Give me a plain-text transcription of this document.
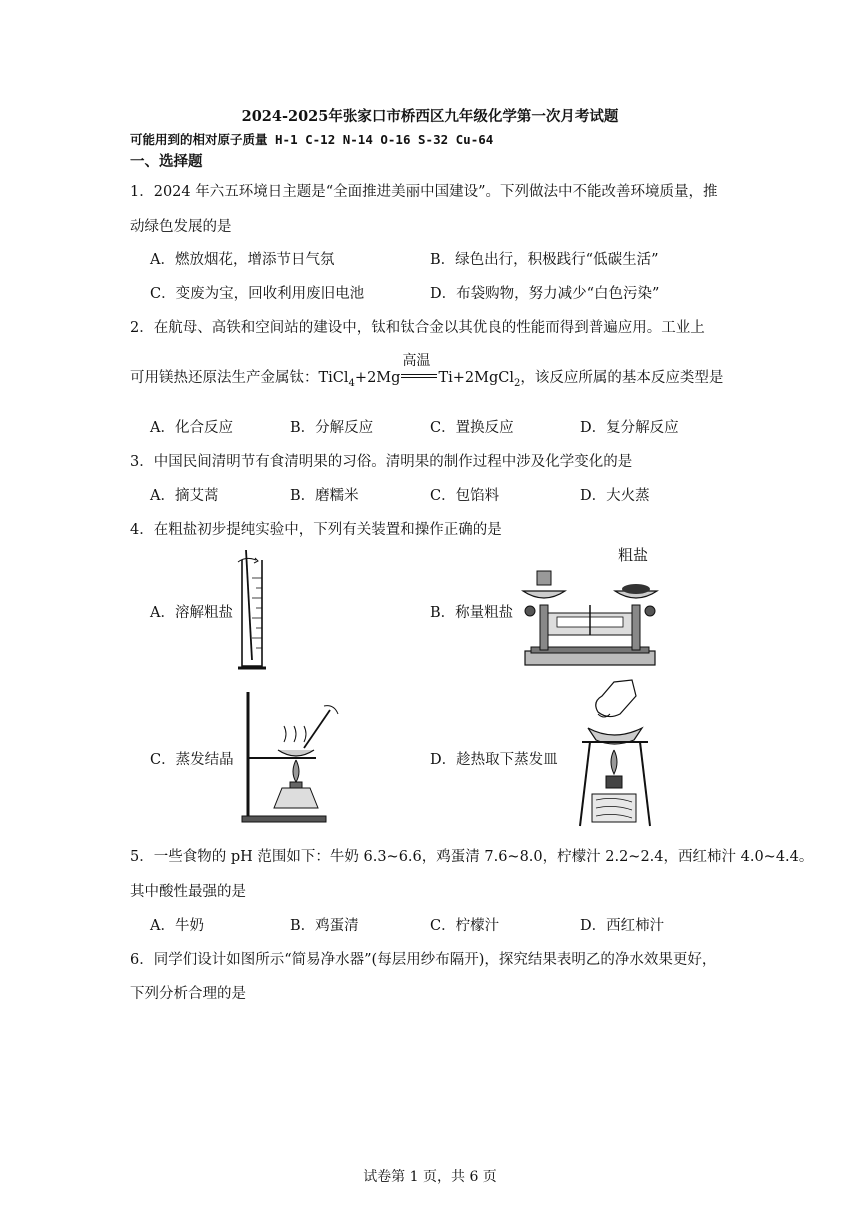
2024-2025年张家口市桥西区九年级化学第一次月考试题
可能用到的相对原子质量 H-1 C-12 N-14 O-16 S-32 Cu-64
一、选择题
1．2024 年六五环境日主题是“全面推进美丽中国建设”。下列做法中不能改善环境质量，推
动绿色发展的是
A．燃放烟花，增添节日气氛	B．绿色出行，积极践行“低碳生活”
C．变废为宝，回收利用废旧电池	D．布袋购物，努力减少“白色污染”
2．在航母、高铁和空间站的建设中，钛和钛合金以其优良的性能而得到普遍应用。工业上
可用镁热还原法生产金属钛：TiCl$_4$+2Mg
高温
Ti+2MgCl$_2$，该反应所属的基本反应类型是
A．化合反应	B．分解反应	C．置换反应	D．复分解反应
3．中国民间清明节有食清明果的习俗。清明果的制作过程中涉及化学变化的是
A．摘艾蒿	B．磨糯米	C．包馅料	D．大火蒸
4．在粗盐初步提纯实验中，下列有关装置和操作正确的是
A．溶解粗盐	B．称量粗盐
C．蒸发结晶	D．趁热取下蒸发皿
粗盐
5．一些食物的 pH 范围如下：牛奶 6.3~6.6，鸡蛋清 7.6~8.0，柠檬汁 2.2~2.4，西红柿汁 4.0~4.4。
其中酸性最强的是
A．牛奶	B．鸡蛋清	C．柠檬汁	D．西红柿汁
6．同学们设计如图所示“简易净水器”(每层用纱布隔开)，探究结果表明乙的净水效果更好，
下列分析合理的是
试卷第 1 页，共 6 页
